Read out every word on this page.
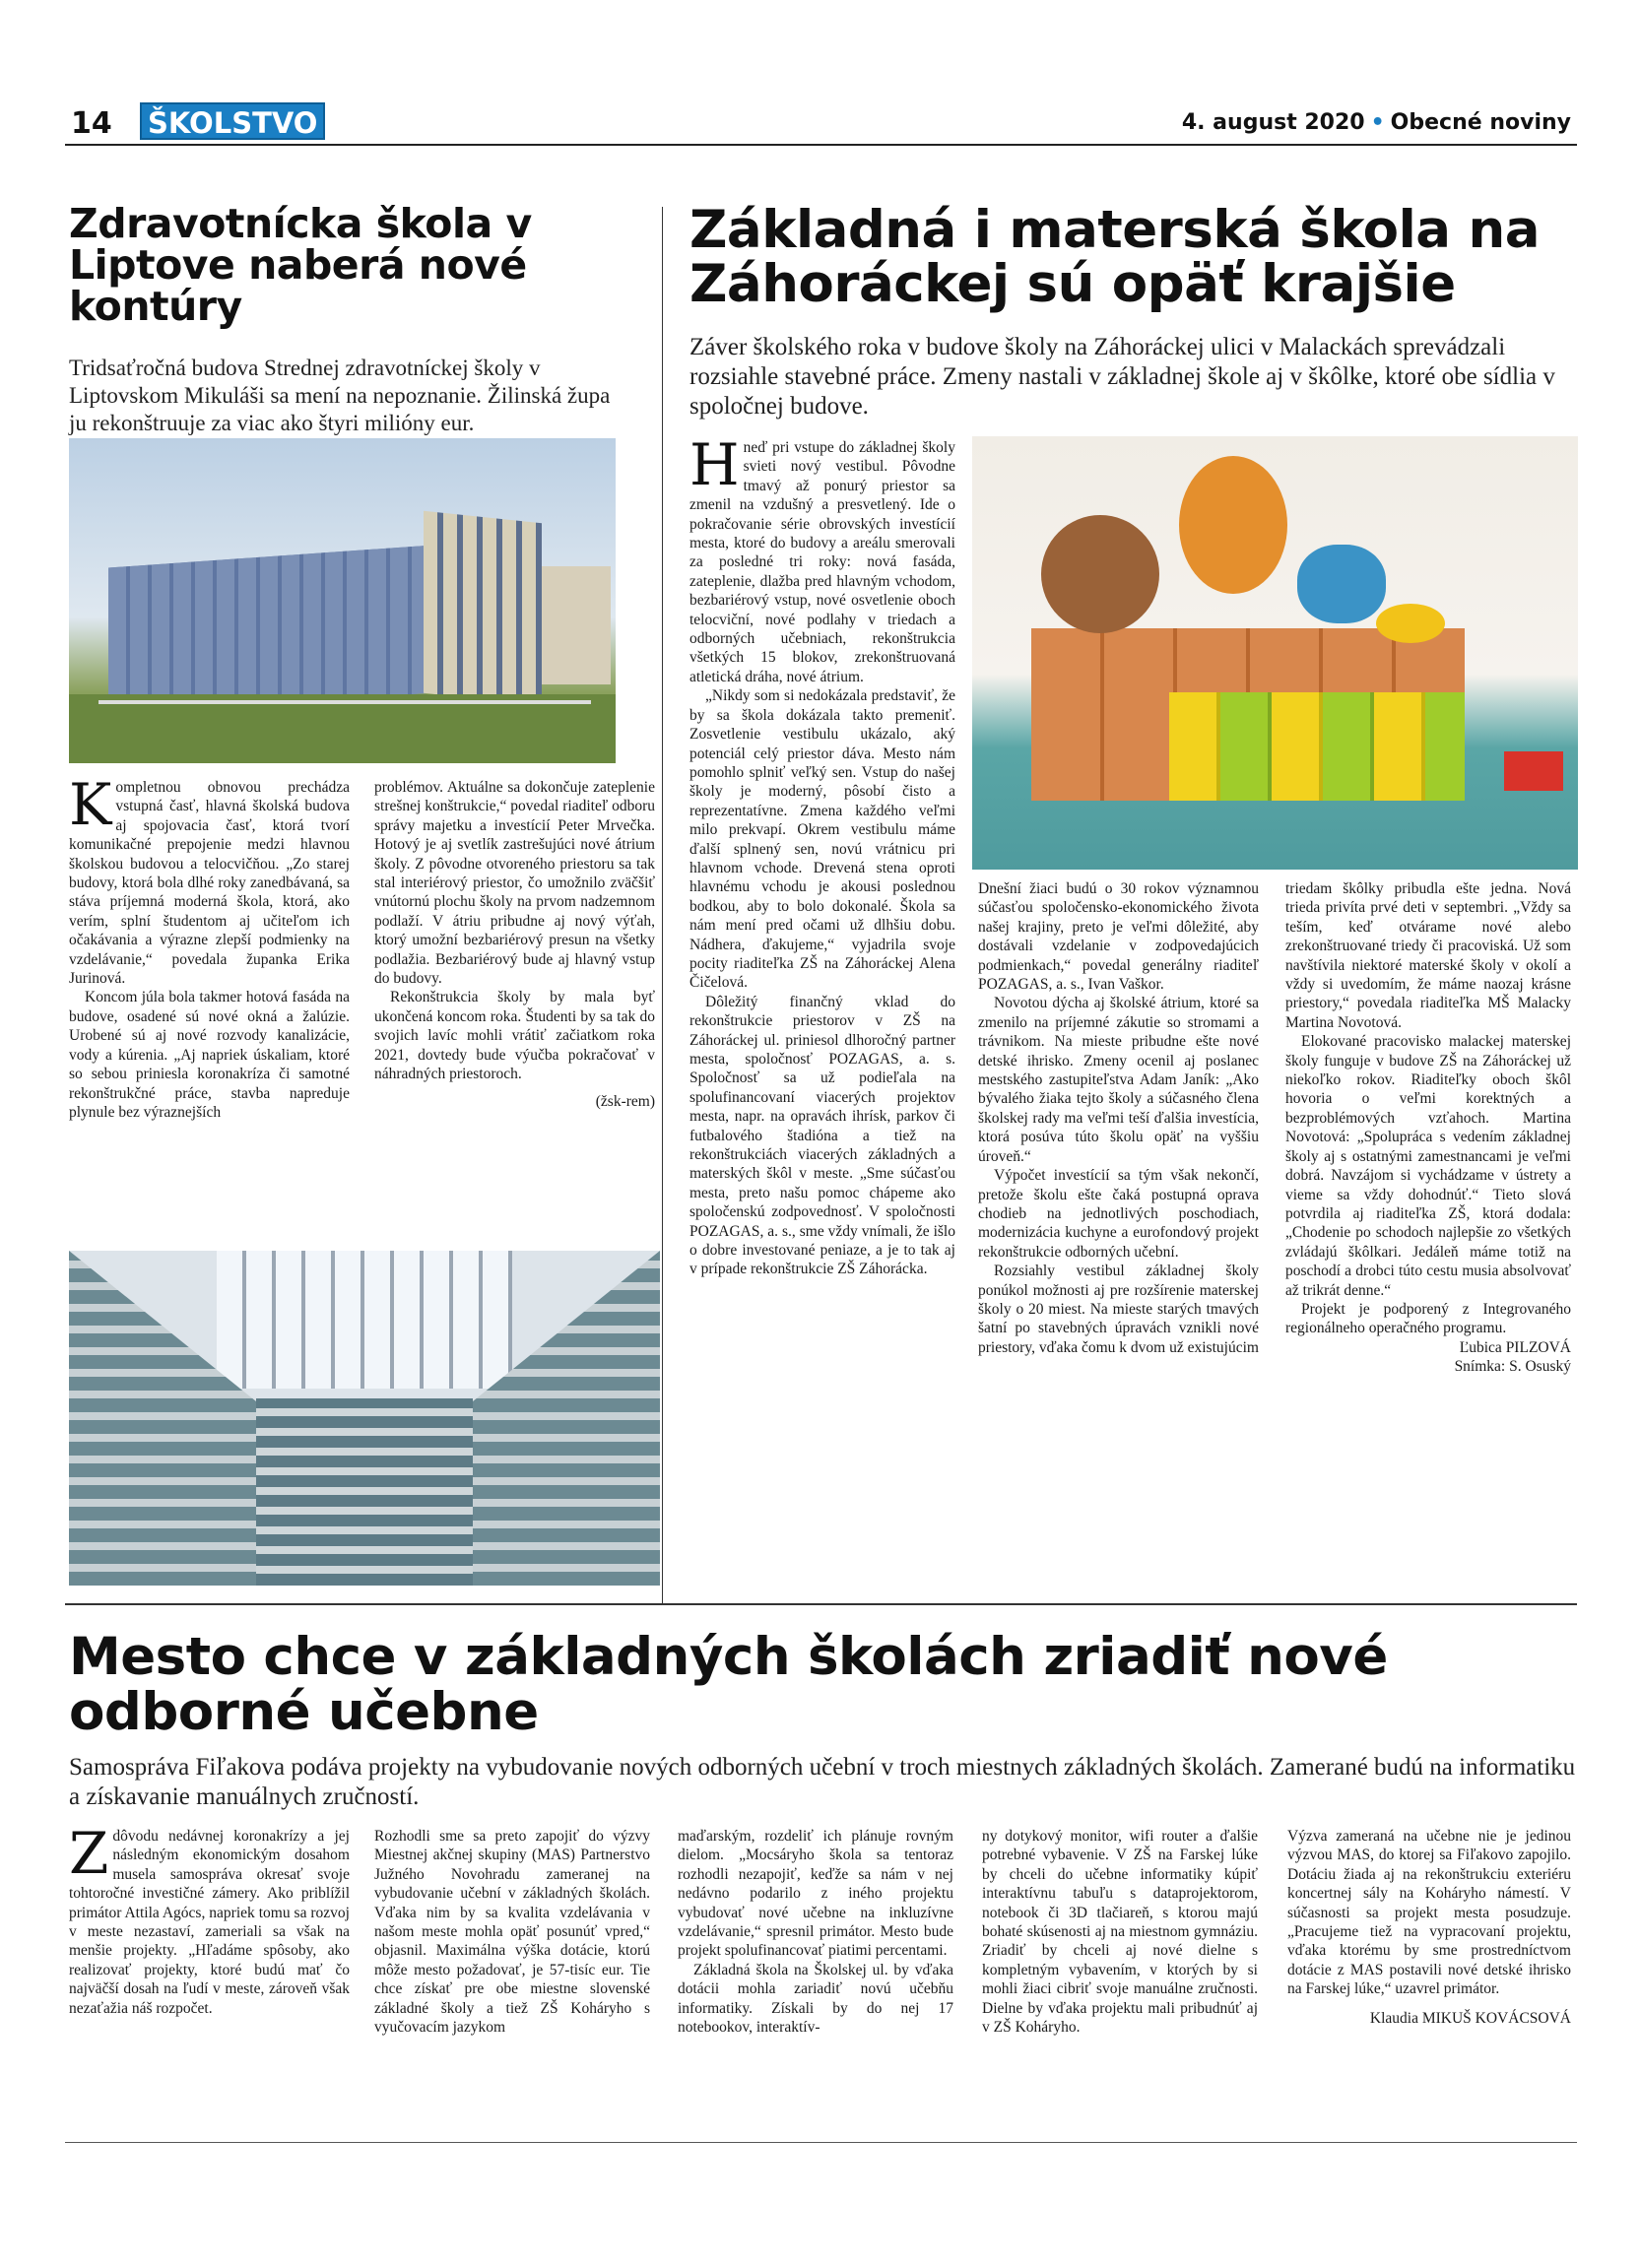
14 ŠKOLSTVO	4. august 2020 • Obecné noviny
Zdravotnícka škola v Liptove naberá nové kontúry
Tridsaťročná budova Strednej zdravotníckej školy v Liptovskom Mikuláši sa mení na nepoznanie. Žilinská župa ju rekonštruuje za viac ako štyri milióny eur.

Kompletnou obnovou prechádza vstupná časť, hlavná školská budova aj spojovacia časť, ktorá tvorí komunikačné prepojenie medzi hlavnou školskou budovou a telocvičňou. „Zo starej budovy, ktorá bola dlhé roky zanedbávaná, sa stáva príjemná moderná škola, ktorá, ako verím, splní študentom aj učiteľom ich očakávania a výrazne zlepší podmienky na vzdelávanie,“ povedala županka Erika Jurinová.

Koncom júla bola takmer hotová fasáda na budove, osadené sú nové okná a žalúzie. Urobené sú aj nové rozvody kanalizácie, vody a kúrenia. „Aj napriek úskaliam, ktoré so sebou priniesla koronakríza či samotné rekonštrukčné práce, stavba napreduje plynule bez výraznejších

problémov. Aktuálne sa dokončuje zateplenie strešnej konštrukcie,“ povedal riaditeľ odboru správy majetku a investícií Peter Mrvečka. Hotový je aj svetlík zastrešujúci nové átrium školy. Z pôvodne otvoreného priestoru sa tak stal interiérový priestor, čo umožnilo zväčšiť vnútornú plochu školy na prvom nadzemnom podlaží. V átriu pribudne aj nový výťah, ktorý umožní bezbariérový presun na všetky podlažia. Bezbariérový bude aj hlavný vstup do budovy.

Rekonštrukcia školy by mala byť ukončená koncom roka. Študenti by sa tak do svojich lavíc mohli vrátiť začiatkom roka 2021, dovtedy bude výučba pokračovať v náhradných priestoroch.

(žsk-rem)

Základná i materská škola na Záhoráckej sú opäť krajšie
Záver školského roka v budove školy na Záhoráckej ulici v Malackách sprevádzali rozsiahle stavebné práce. Zmeny nastali v základnej škole aj v škôlke, ktoré obe sídlia v spoločnej budove.

Hneď pri vstupe do základnej školy svieti nový vestibul. Pôvodne tmavý až ponurý priestor sa zmenil na vzdušný a presvetlený. Ide o pokračovanie série obrovských investícií mesta, ktoré do budovy a areálu smerovali za posledné tri roky: nová fasáda, zateplenie, dlažba pred hlavným vchodom, bezbariérový vstup, nové osvetlenie oboch telocviční, nové podlahy v triedach a odborných učebniach, rekonštrukcia všetkých 15 blokov, zrekonštruovaná atletická dráha, nové átrium.

„Nikdy som si nedokázala predstaviť, že by sa škola dokázala takto premeniť. Zosvetlenie vestibulu ukázalo, aký potenciál celý priestor dáva. Mesto nám pomohlo splniť veľký sen. Vstup do našej školy je moderný, pôsobí čisto a reprezentatívne. Zmena každého veľmi milo prekvapí. Okrem vestibulu máme ďalší splnený sen, novú vrátnicu pri hlavnom vchode. Drevená stena oproti hlavnému vchodu je akousi poslednou bodkou, aby to bolo dokonalé. Škola sa nám mení pred očami už dlhšiu dobu. Nádhera, ďakujeme,“ vyjadrila svoje pocity riaditeľka ZŠ na Záhoráckej Alena Čičelová.

Dôležitý finančný vklad do rekonštrukcie priestorov v ZŠ na Záhoráckej ul. priniesol dlhoročný partner mesta, spoločnosť POZAGAS, a. s. Spoločnosť sa už podieľala na spolufinancovaní viacerých projektov mesta, napr. na opravách ihrísk, parkov či futbalového štadióna a tiež na rekonštrukciách viacerých základných a materských škôl v meste. „Sme súčasťou mesta, preto našu pomoc chápeme ako spoločenskú zodpovednosť. V spoločnosti POZAGAS, a. s., sme vždy vnímali, že išlo o dobre investované peniaze, a je to tak aj v prípade rekonštrukcie ZŠ Záhorácka.

Dnešní žiaci budú o 30 rokov významnou súčasťou spoločensko-ekonomického života našej krajiny, preto je veľmi dôležité, aby dostávali vzdelanie v zodpovedajúcich podmienkach,“ povedal generálny riaditeľ POZAGAS, a. s., Ivan Vaškor.

Novotou dýcha aj školské átrium, ktoré sa zmenilo na príjemné zákutie so stromami a trávnikom. Na mieste pribudne ešte nové detské ihrisko. Zmeny ocenil aj poslanec mestského zastupiteľstva Adam Janík: „Ako bývalého žiaka tejto školy a súčasného člena školskej rady ma veľmi teší ďalšia investícia, ktorá posúva túto školu opäť na vyššiu úroveň.“

Výpočet investícií sa tým však nekončí, pretože školu ešte čaká postupná oprava chodieb na jednotlivých poschodiach, modernizácia kuchyne a eurofondový projekt rekonštrukcie odborných učební.

Rozsiahly vestibul základnej školy ponúkol možnosti aj pre rozšírenie materskej školy o 20 miest. Na mieste starých tmavých šatní po stavebných úpravách vznikli nové priestory, vďaka čomu k dvom už existujúcim

triedam škôlky pribudla ešte jedna. Nová trieda privíta prvé deti v septembri. „Vždy sa teším, keď otvárame nové alebo zrekonštruované triedy či pracoviská. Už som navštívila niektoré materské školy v okolí a vždy si uvedomím, že máme naozaj krásne priestory,“ povedala riaditeľka MŠ Malacky Martina Novotová.

Elokované pracovisko malackej materskej školy funguje v budove ZŠ na Záhoráckej už niekoľko rokov. Riaditeľky oboch škôl hovoria o veľmi korektných a bezproblémových vzťahoch. Martina Novotová: „Spolupráca s vedením základnej školy aj s ostatnými zamestnancami je veľmi dobrá. Navzájom si vychádzame v ústrety a vieme sa vždy dohodnúť.“ Tieto slová potvrdila aj riaditeľka ZŠ, ktorá dodala: „Chodenie po schodoch najlepšie zo všetkých zvládajú škôlkari. Jedáleň máme totiž na poschodí a drobci túto cestu musia absolvovať až trikrát denne.“

Projekt je podporený z Integrovaného regionálneho operačného programu.

Ľubica PILZOVÁ

Snímka: S. Osuský

Mesto chce v základných školách zriadiť nové odborné učebne
Samospráva Fiľakova podáva projekty na vybudovanie nových odborných učební v troch miestnych základných školách. Zamerané budú na informatiku a získavanie manuálnych zručností.

Zdôvodu nedávnej koronakrízy a jej následným ekonomickým dosahom musela samospráva okresať svoje tohtoročné investičné zámery. Ako priblížil primátor Attila Agócs, napriek tomu sa rozvoj v meste nezastaví, zameriali sa však na menšie projekty. „Hľadáme spôsoby, ako realizovať projekty, ktoré budú mať čo najväčší dosah na ľudí v meste, zároveň však nezaťažia náš rozpočet.

Rozhodli sme sa preto zapojiť do výzvy Miestnej akčnej skupiny (MAS) Partnerstvo Južného Novohradu zameranej na vybudovanie učební v základných školách. Vďaka nim by sa kvalita vzdelávania v našom meste mohla opäť posunúť vpred,“ objasnil. Maximálna výška dotácie, ktorú môže mesto požadovať, je 57-tisíc eur. Tie chce získať pre obe miestne slovenské základné školy a tiež ZŠ Koháryho s vyučovacím jazykom

maďarským, rozdeliť ich plánuje rovným dielom. „Mocsáryho škola sa tentoraz rozhodli nezapojiť, keďže sa nám v nej nedávno podarilo z iného projektu vybudovať nové učebne na inkluzívne vzdelávanie,“ spresnil primátor. Mesto bude projekt spolufinancovať piatimi percentami.

Základná škola na Školskej ul. by vďaka dotácii mohla zariadiť novú učebňu informatiky. Získali by do nej 17 notebookov, interaktív-

ny dotykový monitor, wifi router a ďalšie potrebné vybavenie. V ZŠ na Farskej lúke by chceli do učebne informatiky kúpiť interaktívnu tabuľu s dataprojektorom, notebook či 3D tlačiareň, s ktorou majú bohaté skúsenosti aj na miestnom gymnáziu. Zriadiť by chceli aj nové dielne s kompletným vybavením, v ktorých by si mohli žiaci cibriť svoje manuálne zručnosti. Dielne by vďaka projektu mali pribudnúť aj v ZŠ Koháryho.

Výzva zameraná na učebne nie je jedinou výzvou MAS, do ktorej sa Fiľakovo zapojilo. Dotáciu žiada aj na rekonštrukciu exteriéru koncertnej sály na Koháryho námestí. V súčasnosti sa projekt mesta posudzuje. „Pracujeme tiež na vypracovaní projektu, vďaka ktorému by sme prostredníctvom dotácie z MAS postavili nové detské ihrisko na Farskej lúke,“ uzavrel primátor.

Klaudia MIKUŠ KOVÁCSOVÁ
